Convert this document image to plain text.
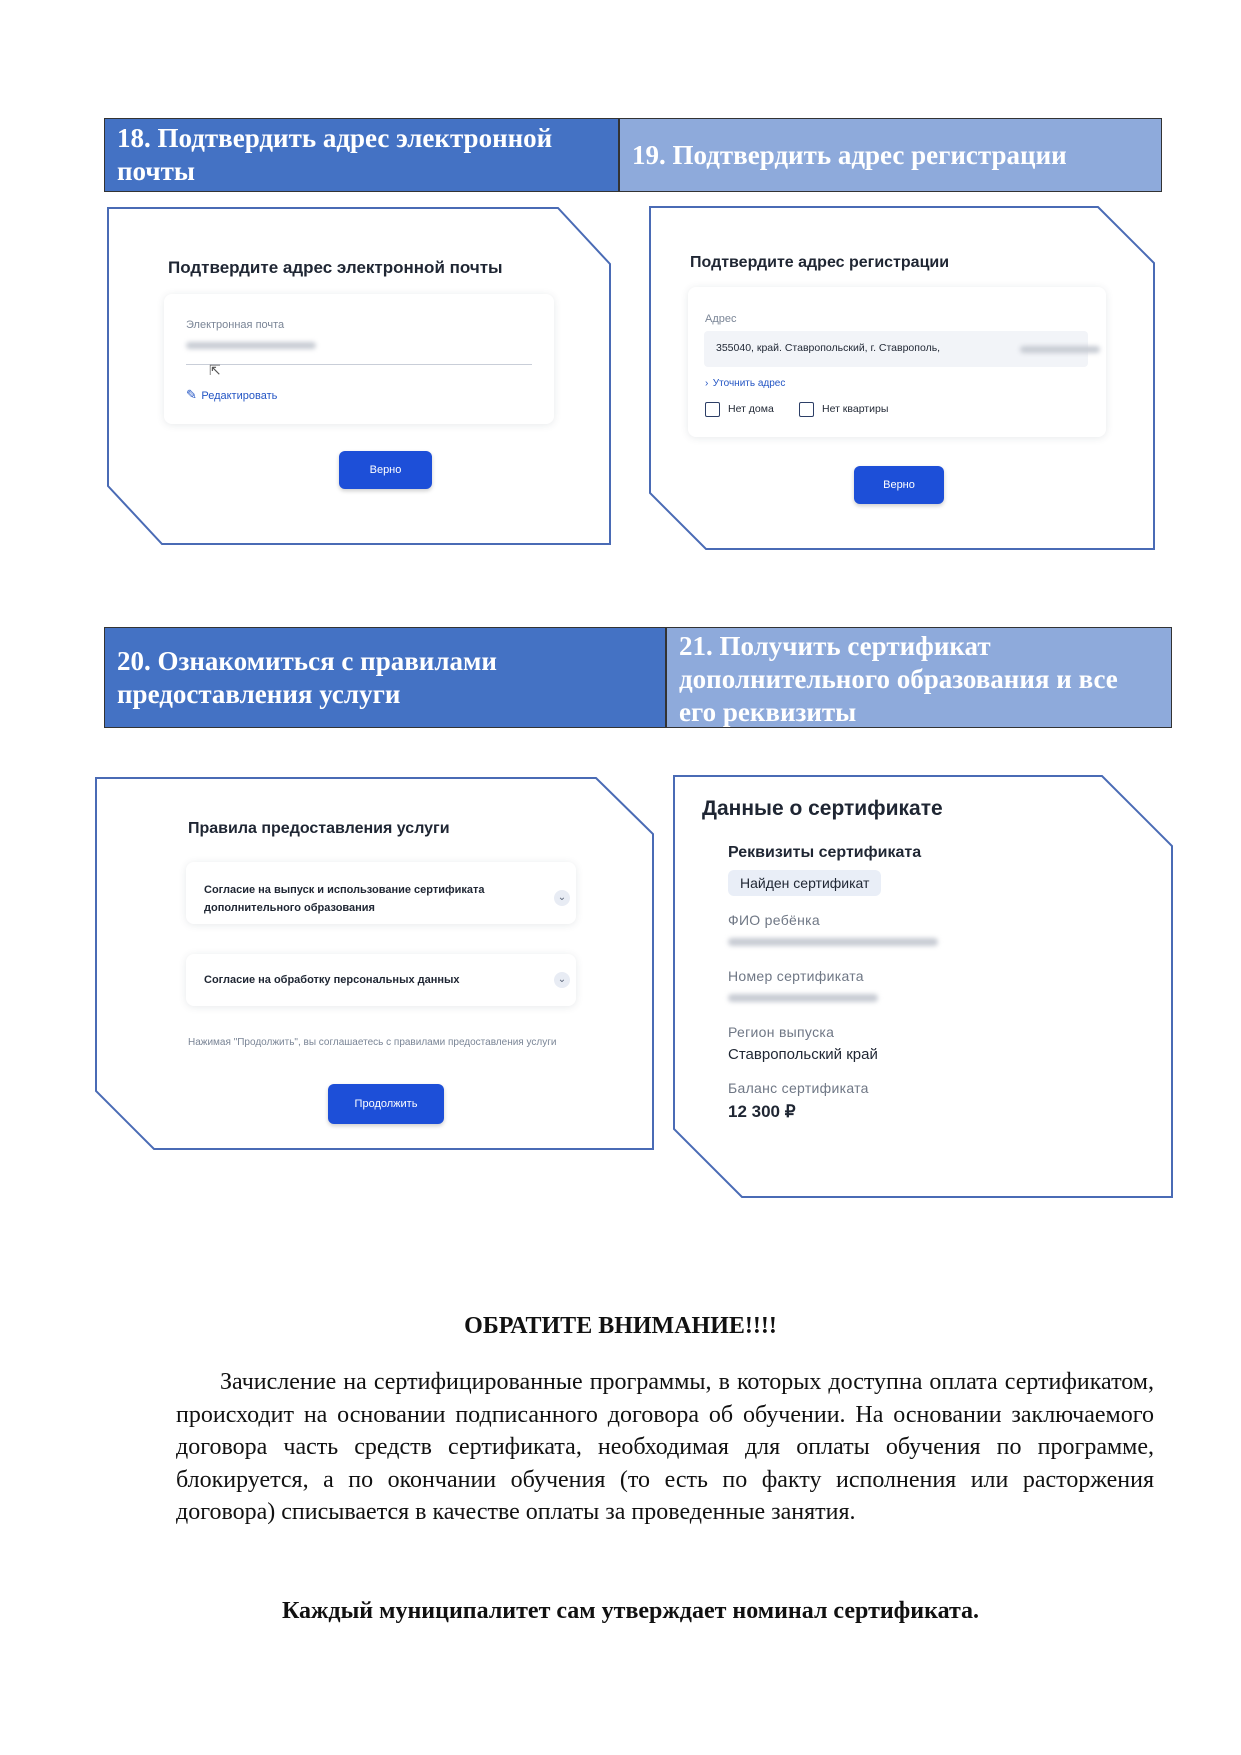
18. Подтвердить адрес электронной почты
19. Подтвердить адрес регистрации
Подтвердите адрес электронной почты
Электронная почта
⇱
✎ Редактировать
Верно
Подтвердите адрес регистрации
Адрес
355040, край. Ставропольский, г. Ставрополь,
› Уточнить адрес
Нет дома	Нет квартиры
Верно
20. Ознакомиться с правилами предоставления услуги
21. Получить сертификат дополнительного образования и все его реквизиты
Правила предоставления услуги
Согласие на выпуск и использование сертификата дополнительного образования
⌄
Согласие на обработку персональных данных	⌄
Нажимая "Продолжить", вы соглашаетесь с правилами предоставления услуги
Продолжить
Данные о сертификате
Реквизиты сертификата
Найден сертификат
ФИО ребёнка
Номер сертификата
Регион выпуска
Ставропольский край
Баланс сертификата
12 300 ₽
ОБРАТИТЕ ВНИМАНИЕ!!!!
Зачисление на сертифицированные программы, в которых доступна оплата сертификатом, происходит на основании подписанного договора об обучении. На основании заключаемого договора часть средств сертификата, необходимая для оплаты обучения по программе, блокируется, а по окончании обучения (то есть по факту исполнения или расторжения договора) списывается в качестве оплаты за проведенные занятия.
Каждый муниципалитет сам утверждает номинал сертификата.
